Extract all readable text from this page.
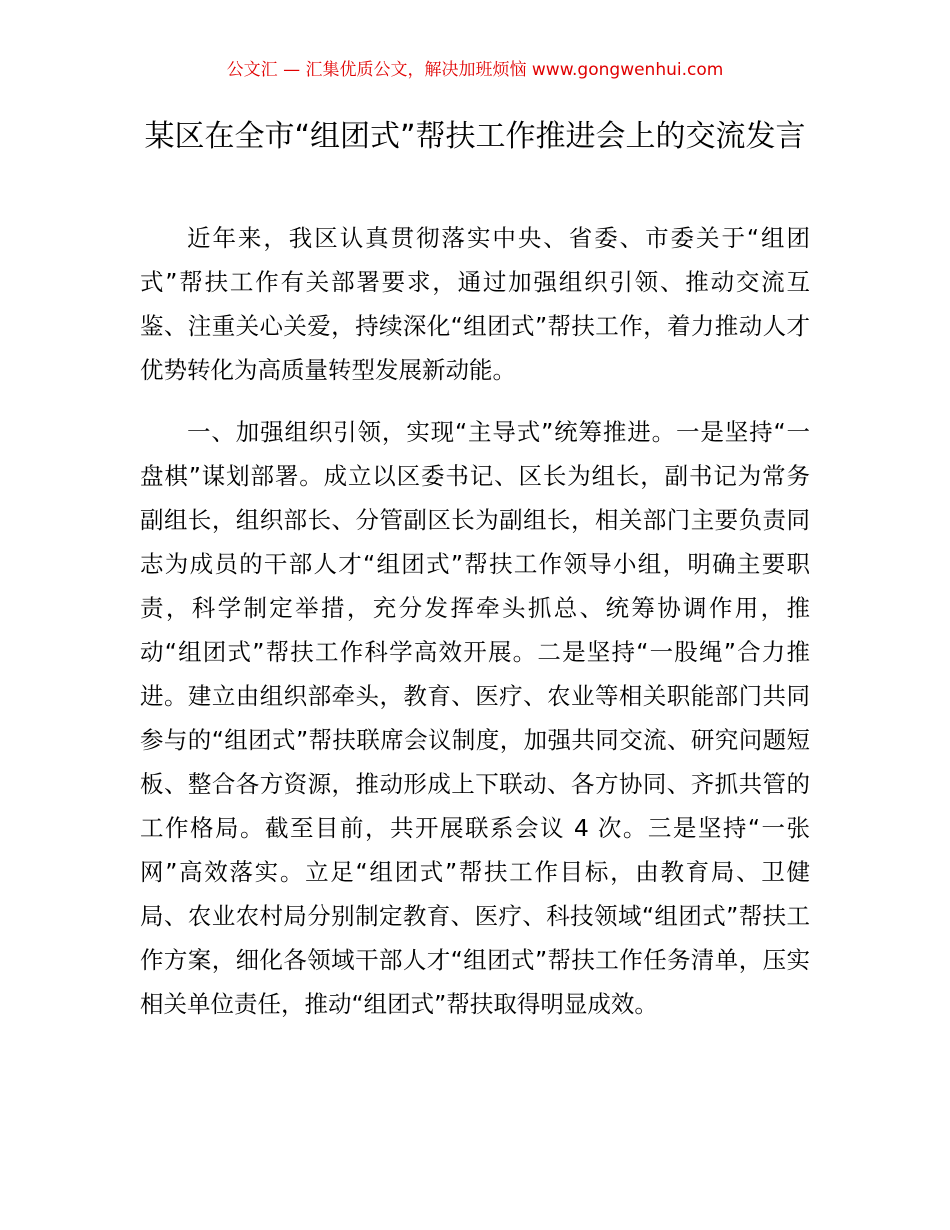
公文汇 — 汇集优质公文，解决加班烦恼 www.gongwenhui.com
某区在全市“组团式”帮扶工作推进会上的交流发言

近年来，我区认真贯彻落实中央、省委、市委关于“组团式”帮扶工作有关部署要求，通过加强组织引领、推动交流互鉴、注重关心关爱，持续深化“组团式”帮扶工作，着力推动人才优势转化为高质量转型发展新动能。

一、加强组织引领，实现“主导式”统筹推进。一是坚持“一盘棋”谋划部署。成立以区委书记、区长为组长，副书记为常务副组长，组织部长、分管副区长为副组长，相关部门主要负责同志为成员的干部人才“组团式”帮扶工作领导小组，明确主要职责，科学制定举措，充分发挥牵头抓总、统筹协调作用，推动“组团式”帮扶工作科学高效开展。二是坚持“一股绳”合力推进。建立由组织部牵头，教育、医疗、农业等相关职能部门共同参与的“组团式”帮扶联席会议制度，加强共同交流、研究问题短板、整合各方资源，推动形成上下联动、各方协同、齐抓共管的工作格局。截至目前，共开展联系会议 4 次。三是坚持“一张网”高效落实。立足“组团式”帮扶工作目标，由教育局、卫健局、农业农村局分别制定教育、医疗、科技领域“组团式”帮扶工作方案，细化各领域干部人才“组团式”帮扶工作任务清单，压实相关单位责任，推动“组团式”帮扶取得明显成效。
